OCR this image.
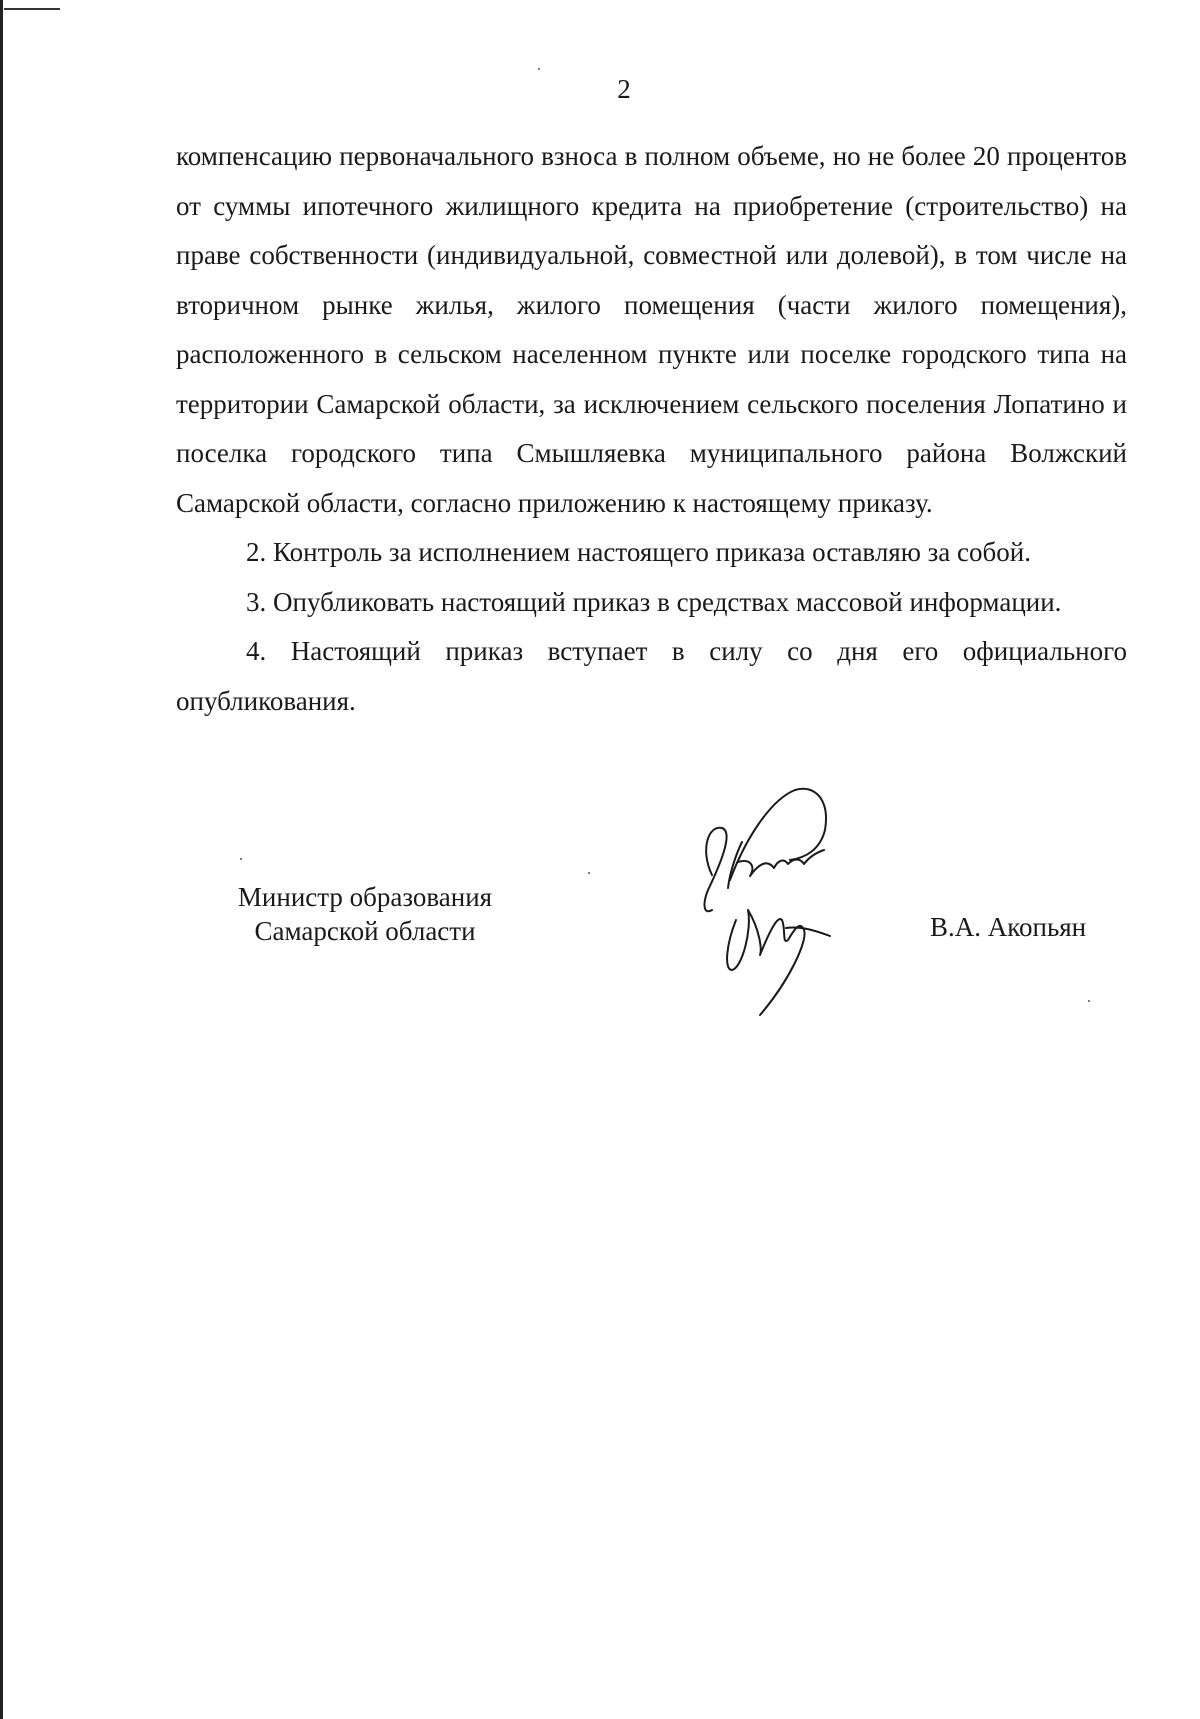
2

компенсацию первоначального взноса в полном объеме, но не более 20 процентов от суммы ипотечного жилищного кредита на приобретение (строительство) на праве собственности (индивидуальной, совместной или долевой), в том числе на вторичном рынке жилья, жилого помещения (части жилого помещения), расположенного в сельском населенном пункте или поселке городского типа на территории Самарской области, за исключением сельского поселения Лопатино и поселка городского типа Смышляевка муниципального района Волжский Самарской области, согласно приложению к настоящему приказу.

2. Контроль за исполнением настоящего приказа оставляю за собой.

3. Опубликовать настоящий приказ в средствах массовой информации.

4. Настоящий приказ вступает в силу со дня его официального опубликования.

Министр образования
Самарской области	В.А. Акопьян
